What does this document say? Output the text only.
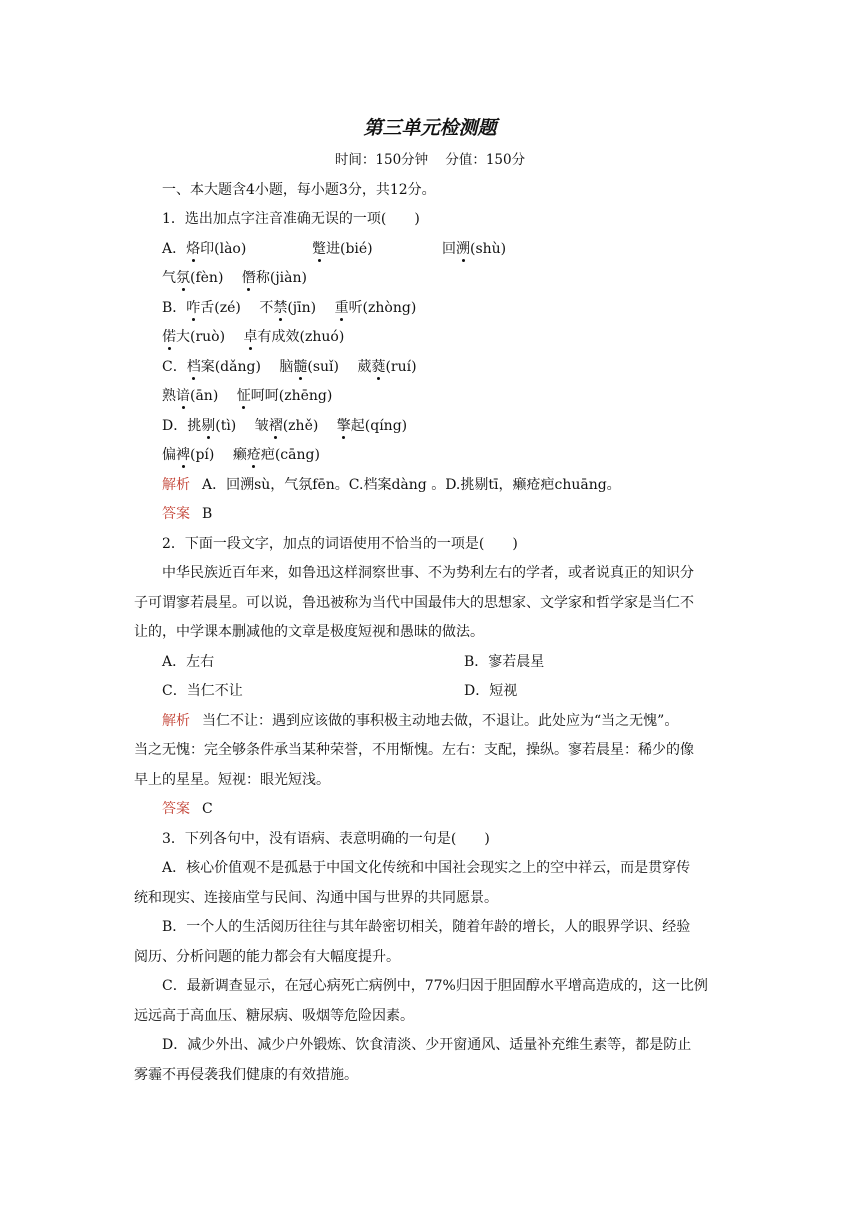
第三单元检测题
时间：150分钟    分值：150分
一、本大题含4小题，每小题3分，共12分。
1．选出加点字注音准确无误的一项(　　)
A．烙印(lào)	蹩进(bié)	回溯(shù)
气氛(fèn) 僭称(jiàn)
B．咋舌(zé) 不禁(jīn) 重听(zhòng)
偌大(ruò) 卓有成效(zhuó)
C．档案(dǎng) 脑髓(suǐ) 葳蕤(ruí)
熟谙(ān) 怔呵呵(zhēng)
D．挑剔(tì) 皱褶(zhě) 擎起(qíng)
偏裨(pí) 癞疮疤(cāng)
解析 A．回溯sù，气氛fēn。C.档案dàng 。D.挑剔tī，癞疮疤chuāng。
答案 B
2．下面一段文字，加点的词语使用不恰当的一项是(　　)
中华民族近百年来，如鲁迅这样洞察世事、不为势利左右的学者，或者说真正的知识分
子可谓寥若晨星。可以说，鲁迅被称为当代中国最伟大的思想家、文学家和哲学家是当仁不
让的，中学课本删减他的文章是极度短视和愚昧的做法。
A．左右	B．寥若晨星
C．当仁不让	D．短视
解析 当仁不让：遇到应该做的事积极主动地去做，不退让。此处应为“当之无愧”。
当之无愧：完全够条件承当某种荣誉，不用惭愧。左右：支配，操纵。寥若晨星：稀少的像
早上的星星。短视：眼光短浅。
答案 C
3．下列各句中，没有语病、表意明确的一句是(　　)
A．核心价值观不是孤悬于中国文化传统和中国社会现实之上的空中祥云，而是贯穿传
统和现实、连接庙堂与民间、沟通中国与世界的共同愿景。
B．一个人的生活阅历往往与其年龄密切相关，随着年龄的增长，人的眼界学识、经验
阅历、分析问题的能力都会有大幅度提升。
C．最新调查显示，在冠心病死亡病例中，77%归因于胆固醇水平增高造成的，这一比例
远远高于高血压、糖尿病、吸烟等危险因素。
D．减少外出、减少户外锻炼、饮食清淡、少开窗通风、适量补充维生素等，都是防止
雾霾不再侵袭我们健康的有效措施。
